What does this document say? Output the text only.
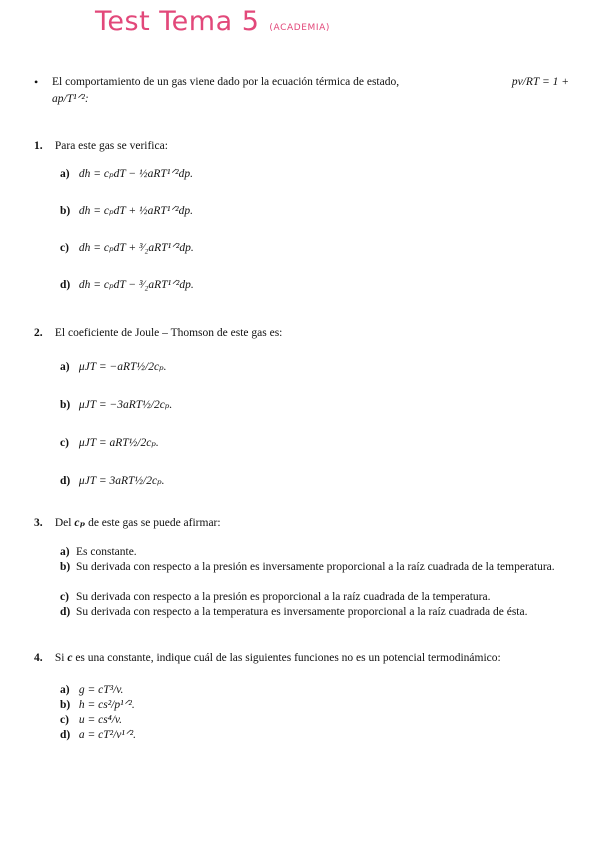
Test Tema 5 (ACADEMIA)
• El comportamiento de un gas viene dado por la ecuación térmica de estado,	pv/RT = 1 +
ap/T¹ᐟ²:
1. Para este gas se verifica:
a) dh = cₚdT − ½aRT¹ᐟ²dp.
b) dh = cₚdT + ½aRT¹ᐟ²dp.
c) dh = cₚdT + ³⁄₂aRT¹ᐟ²dp.
d) dh = cₚdT − ³⁄₂aRT¹ᐟ²dp.
2. El coeficiente de Joule – Thomson de este gas es:
a) μJT = −aRT½/2cₚ.
b) μJT = −3aRT½/2cₚ.
c) μJT = aRT½/2cₚ.
d) μJT = 3aRT½/2cₚ.
3. Del cₚ de este gas se puede afirmar:
a) Es constante.
b) Su derivada con respecto a la presión es inversamente proporcional a la raíz cuadrada de la temperatura.
c) Su derivada con respecto a la presión es proporcional a la raíz cuadrada de la temperatura.
d) Su derivada con respecto a la temperatura es inversamente proporcional a la raíz cuadrada de ésta.
4. Si c es una constante, indique cuál de las siguientes funciones no es un potencial termodinámico:
a) g = cT³/v.
b) h = cs²/p¹ᐟ².
c) u = cs⁴/v.
d) a = cT²/v¹ᐟ².
